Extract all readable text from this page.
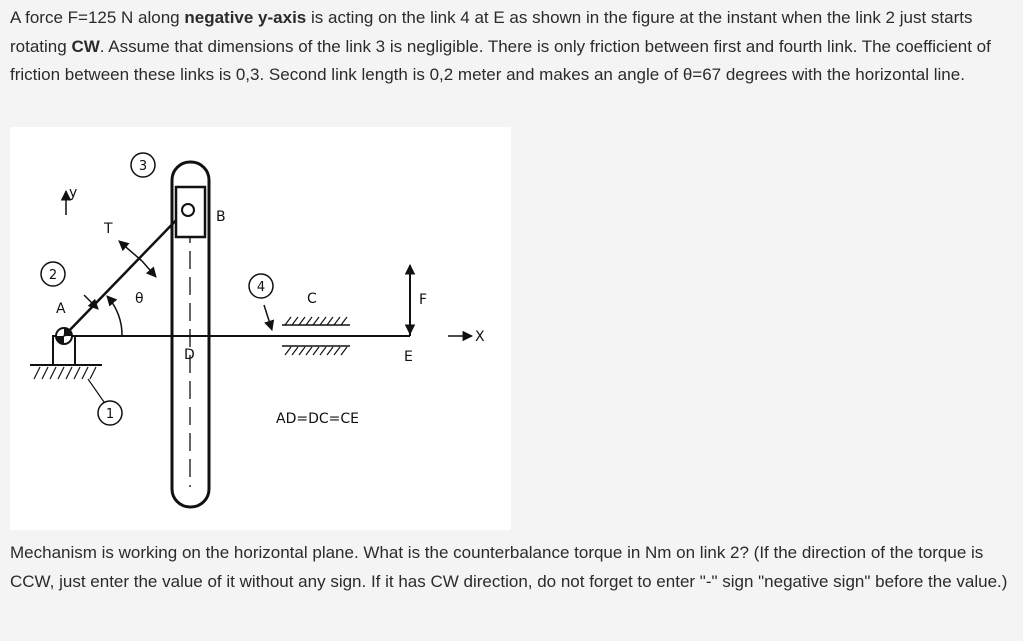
A force F=125 N along negative y-axis is acting on the link 4 at E as shown in the figure at the instant when the link 2 just starts rotating CW. Assume that dimensions of the link 3 is negligible. There is only friction between first and fourth link. The coefficient of friction between these links is 0,3. Second link length is 0,2 meter and makes an angle of θ=67 degrees with the horizontal line.

X
y
A
θ
T
B
D
C	F
E
AD=DC=CE
3
2
4
1

Mechanism is working on the horizontal plane. What is the counterbalance torque in Nm on link 2? (If the direction of the torque is CCW, just enter the value of it without any sign. If it has CW direction, do not forget to enter "-" sign "negative sign" before the value.)
